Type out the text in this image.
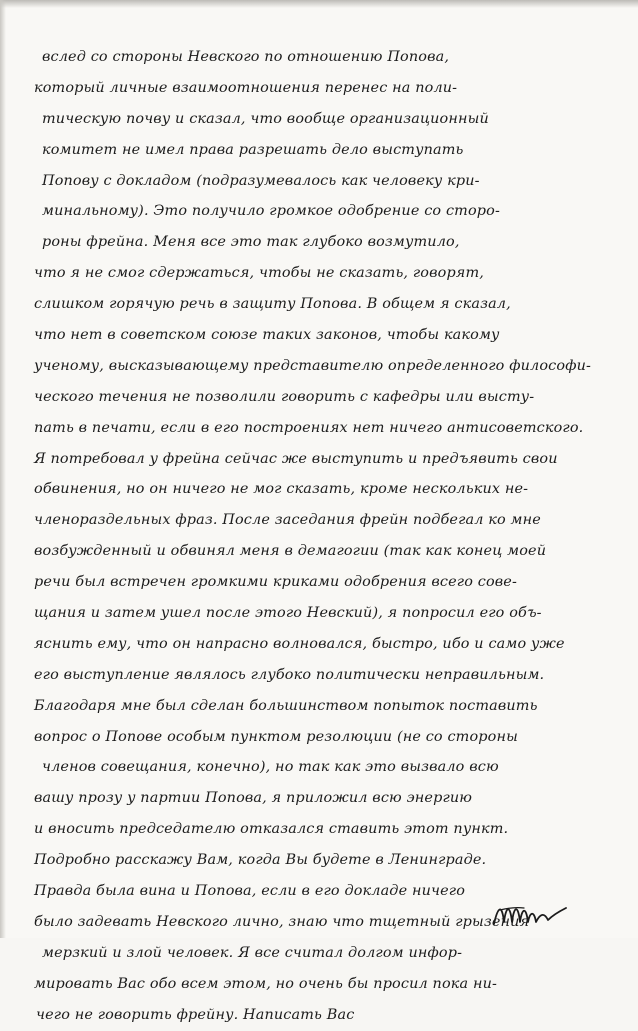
вслед со стороны Невского по отношению Попова,
который личные взаимоотношения перенес на поли-
тическую почву и сказал, что вообще организационный
комитет не имел права разрешать дело выступать
Попову с докладом (подразумевалось как человеку кри-
минальному). Это получило громкое одобрение со сторо-
роны фрейна. Меня все это так глубоко возмутило,
что я не смог сдержаться, чтобы не сказать, говорят,
слишком горячую речь в защиту Попова. В общем я сказал,
что нет в советском союзе таких законов, чтобы какому
ученому, высказывающему представителю определенного философи-
ческого течения не позволили говорить с кафедры или высту-
пать в печати, если в его построениях нет ничего антисоветского.
Я потребовал у фрейна сейчас же выступить и предъявить свои
обвинения, но он ничего не мог сказать, кроме нескольких не-
членораздельных фраз. После заседания фрейн подбегал ко мне
возбужденный и обвинял меня в демагогии (так как конец моей
речи был встречен громкими криками одобрения всего сове-
щания и затем ушел после этого Невский), я попросил его объ-
яснить ему, что он напрасно волновался, быстро, ибо и само уже
его выступление являлось глубоко политически неправильным.
Благодаря мне был сделан большинством попыток поставить
вопрос о Попове особым пунктом резолюции (не со стороны
членов совещания, конечно), но так как это вызвало всю
вашу прозу у партии Попова, я приложил всю энергию
и вносить председателю отказался ставить этот пункт.
Подробно расскажу Вам, когда Вы будете в Ленинграде.
Правда была вина и Попова, если в его докладе ничего
было задевать Невского лично, знаю что тщетный грызения
мерзкий и злой человек. Я все считал долгом инфор-
мировать Вас обо всем этом, но очень бы просил пока ни-
чего не говорить фрейну. Написать Вас
